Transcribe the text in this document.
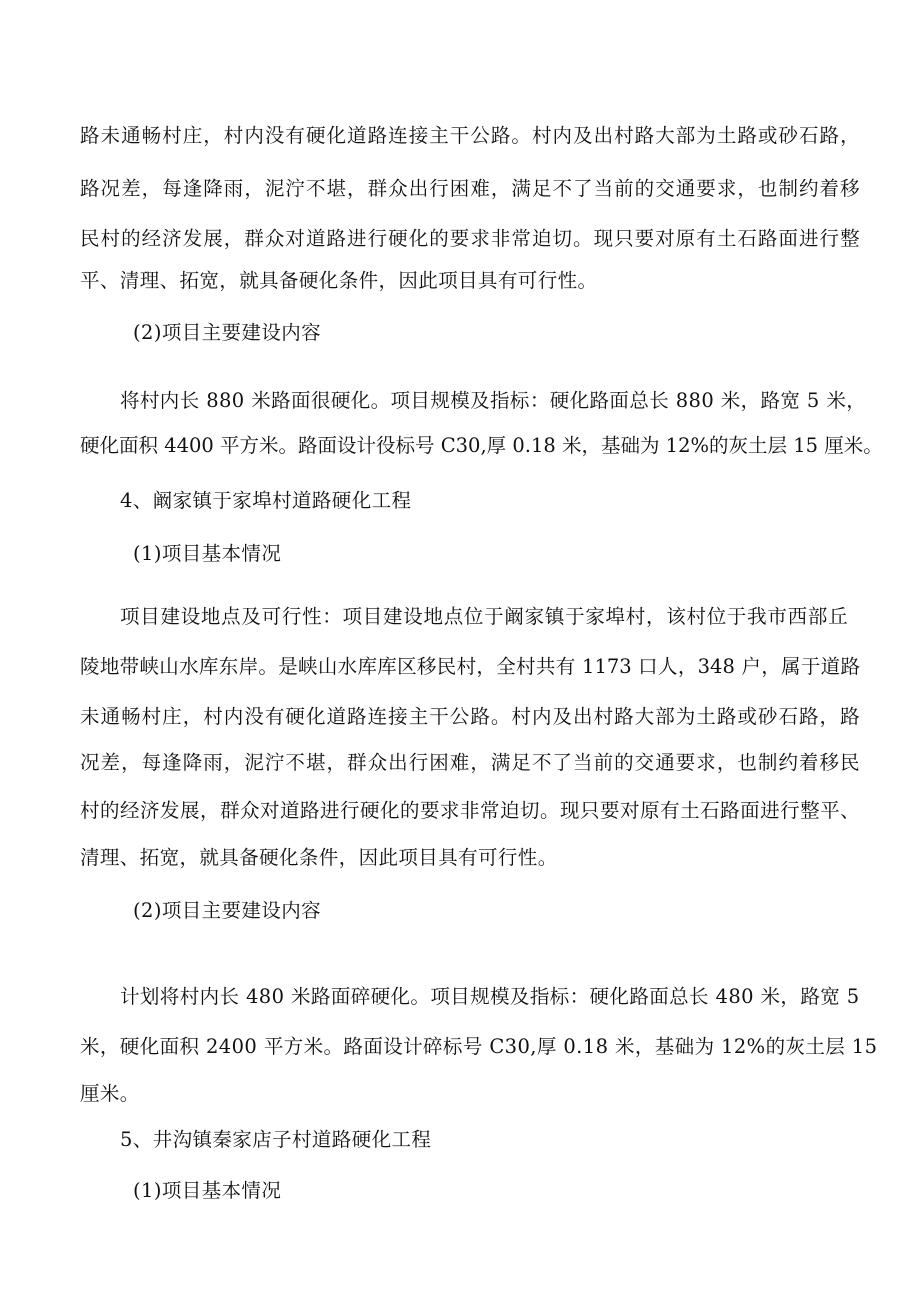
路未通畅村庄，村内没有硬化道路连接主干公路。村内及出村路大部为土路或砂石路，
路况差，每逢降雨，泥泞不堪，群众出行困难，满足不了当前的交通要求，也制约着移
民村的经济发展，群众对道路进行硬化的要求非常迫切。现只要对原有土石路面进行整
平、清理、拓宽，就具备硬化条件，因此项目具有可行性。
(2)项目主要建设内容
将村内长 880 米路面很硬化。项目规模及指标：硬化路面总长 880 米，路宽 5 米，
硬化面积 4400 平方米。路面设计役标号 C30,厚 0.18 米，基础为 12%的灰土层 15 厘米。
4、阚家镇于家埠村道路硬化工程
(1)项目基本情况
项目建设地点及可行性：项目建设地点位于阚家镇于家埠村，该村位于我市西部丘
陵地带峡山水库东岸。是峡山水库库区移民村，全村共有 1173 口人，348 户，属于道路
未通畅村庄，村内没有硬化道路连接主干公路。村内及出村路大部为土路或砂石路，路
况差，每逢降雨，泥泞不堪，群众出行困难，满足不了当前的交通要求，也制约着移民
村的经济发展，群众对道路进行硬化的要求非常迫切。现只要对原有土石路面进行整平、
清理、拓宽，就具备硬化条件，因此项目具有可行性。
(2)项目主要建设内容
计划将村内长 480 米路面碎硬化。项目规模及指标：硬化路面总长 480 米，路宽 5
米，硬化面积 2400 平方米。路面设计碎标号 C30,厚 0.18 米，基础为 12%的灰土层 15
厘米。
5、井沟镇秦家店子村道路硬化工程
(1)项目基本情况
